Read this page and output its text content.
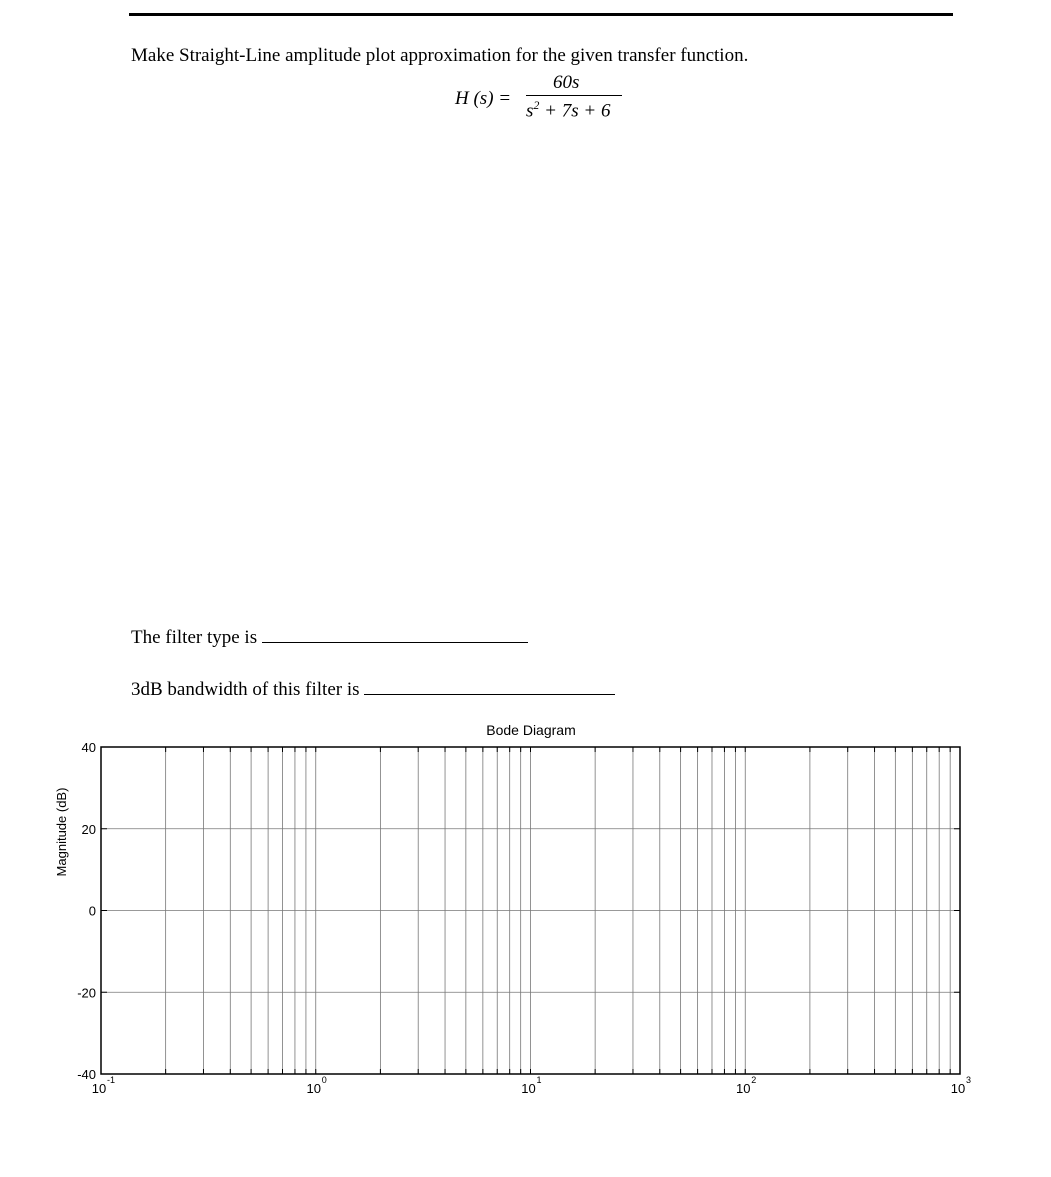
Make Straight-Line amplitude plot approximation for the given transfer function.
H (s) =
60s
$s^2 + 7s + 6$
The filter type is
3dB bandwidth of this filter is
Bode Diagram
Magnitude (dB)
40
20
0
-20
-40
10
-1
10
0
10
1
10
2
10
3
